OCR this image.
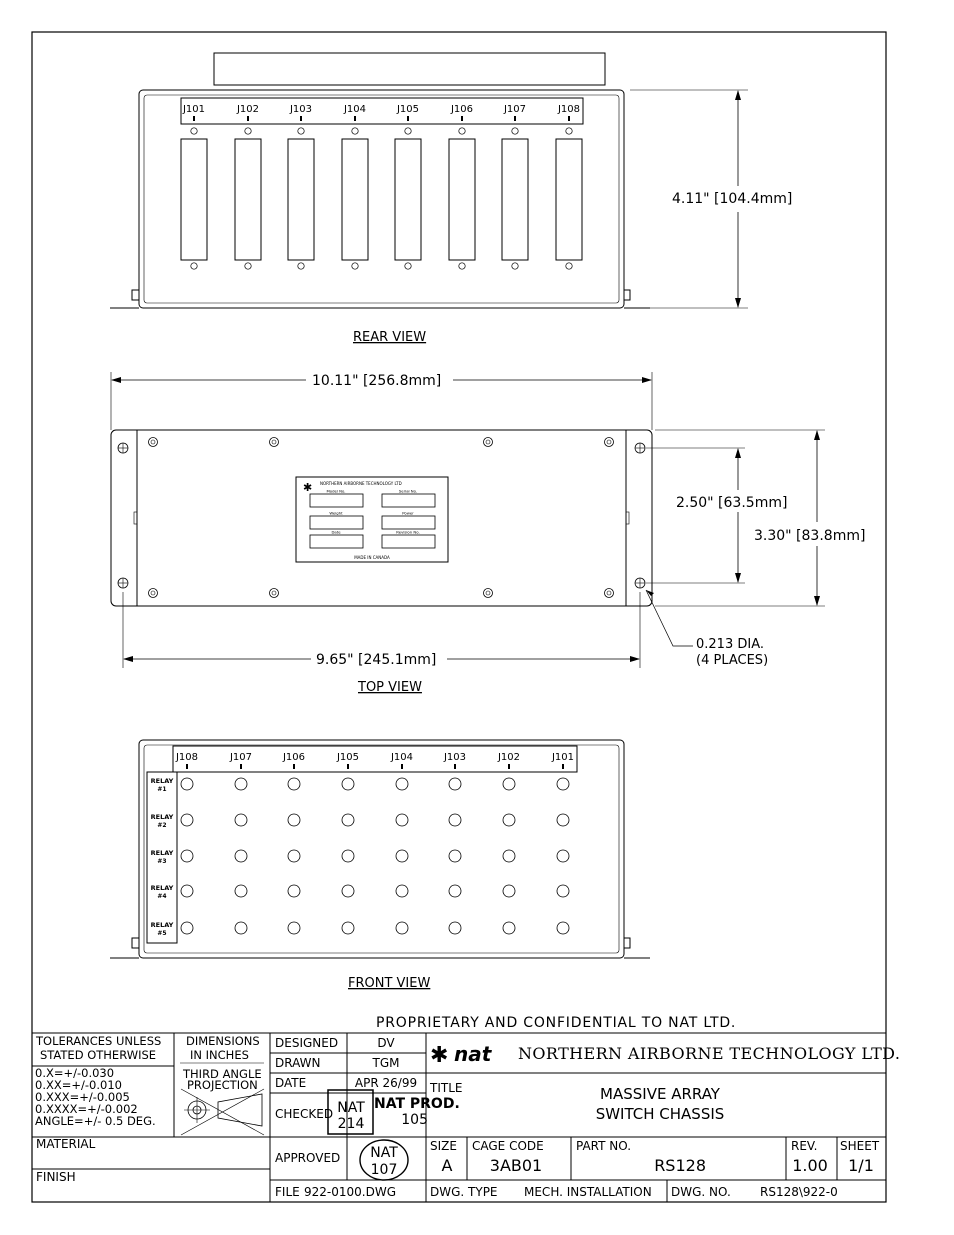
J101	J102	J103	J104	J105	J106	J107	J108
4.11" [104.4mm]
REAR VIEW
10.11" [256.8mm]
✱ NORTHERN AIRBORNE TECHNOLOGY LTD
Model No.	Serial No.
Weight	Power
Date	Revision No.
MADE IN CANADA
9.65" [245.1mm]
2.50" [63.5mm]
3.30" [83.8mm]
0.213 DIA.
(4 PLACES)
TOP VIEW
J108	J107	J106	J105	J104	J103	J102	J101
RELAY
#1
RELAY
#2
RELAY
#3
RELAY
#4
RELAY
#5
FRONT VIEW
PROPRIETARY AND CONFIDENTIAL TO NAT LTD.
TOLERANCES UNLESS
STATED OTHERWISE
0.X=+/-0.030
0.XX=+/-0.010
0.XXX=+/-0.005
0.XXXX=+/-0.002
ANGLE=+/- 0.5 DEG.
DIMENSIONS
IN INCHES
THIRD ANGLE
PROJECTION
MATERIAL
FINISH
DESIGNED	DV
DRAWN	TGM
DATE	APR 26/99
CHECKED NAT
214
NAT PROD.
105
APPROVED NAT
107
✱ nat NORTHERN AIRBORNE TECHNOLOGY LTD.
TITLE	MASSIVE ARRAY
SWITCH CHASSIS
SIZE
A
CAGE CODE
3AB01
PART NO.
RS128
REV.
1.00
SHEET
1/1
FILE 922-0100.DWG	DWG. TYPE MECH. INSTALLATION DWG. NO. RS128\922-0
